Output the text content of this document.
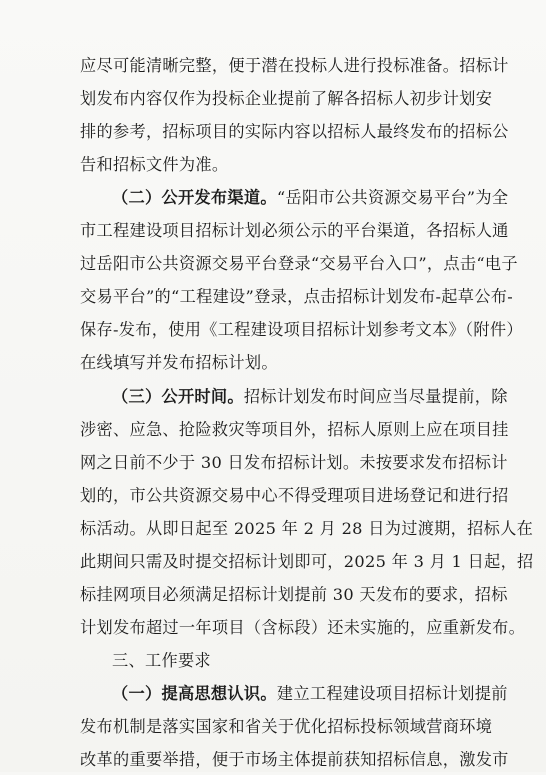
应尽可能清晰完整，便于潜在投标人进行投标准备。招标计
划发布内容仅作为投标企业提前了解各招标人初步计划安
排的参考，招标项目的实际内容以招标人最终发布的招标公
告和招标文件为准。
（二）公开发布渠道。“岳阳市公共资源交易平台”为全
市工程建设项目招标计划必须公示的平台渠道，各招标人通
过岳阳市公共资源交易平台登录“交易平台入口”，点击“电子
交易平台”的“工程建设”登录，点击招标计划发布-起草公布-
保存-发布，使用《工程建设项目招标计划参考文本》（附件）
在线填写并发布招标计划。
（三）公开时间。招标计划发布时间应当尽量提前，除
涉密、应急、抢险救灾等项目外，招标人原则上应在项目挂
网之日前不少于 30 日发布招标计划。未按要求发布招标计
划的，市公共资源交易中心不得受理项目进场登记和进行招
标活动。从即日起至 2025 年 2 月 28 日为过渡期，招标人在
此期间只需及时提交招标计划即可，2025 年 3 月 1 日起，招
标挂网项目必须满足招标计划提前 30 天发布的要求，招标
计划发布超过一年项目（含标段）还未实施的，应重新发布。
三、工作要求
（一）提高思想认识。建立工程建设项目招标计划提前
发布机制是落实国家和省关于优化招标投标领域营商环境
改革的重要举措，便于市场主体提前获知招标信息，激发市
